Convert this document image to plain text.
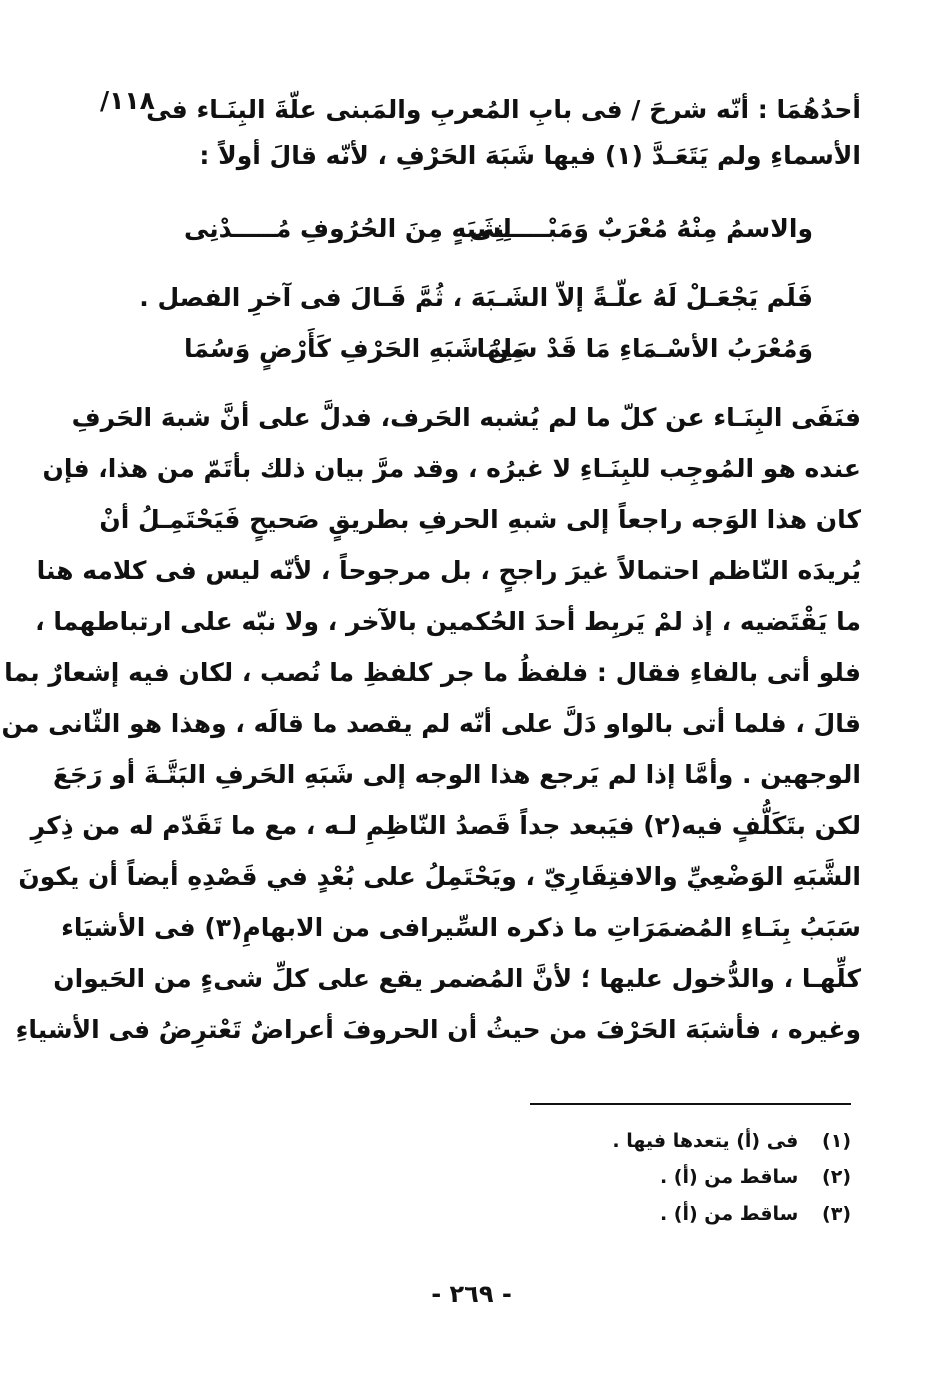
١١٨/
أحدُهُمَا : أنّه شرحَ / فى بابِ المُعربِ والمَبنى علّةَ البِنَـاء فى
الأسماءِ ولم يَتَعَـدَّ (١) فيها شَبَهَ الحَرْفِ ، لأنّه قالَ أولاً :
والاسمُ مِنْهُ مُعْرَبٌ وَمَبْـــــنِى
لِشَبَهٍ مِنَ الحُرُوفِ مُـــــدْنِى
فَلَم يَجْعَـلْ لَهُ علّـةً إلاّ الشَـبَهَ ، ثُمَّ قَـالَ فى آخرِ الفصل .
وَمُعْرَبُ الأسْـمَاءِ مَا قَدْ سَلِمَا
مِنْ شَبَهِ الحَرْفِ كَأَرْضٍ وَسُمَا
فنَفَى البِنَـاء عن كلّ ما لم يُشبه الحَرف، فدلَّ على أنَّ شبهَ الحَرفِ
عنده هو المُوجِب للبِنَـاءِ لا غيرُه ، وقد مرَّ بيان ذلك بأتَمّ من هذا، فإن
كان هذا الوَجه راجعاً إلى شبهِ الحرفِ بطريقٍ صَحيحٍ فَيَحْتَمِـلُ أنْ
يُريدَه النّاظم احتمالاً غيرَ راجحٍ ، بل مرجوحاً ، لأنّه ليس فى كلامه هنا
ما يَقْتَضيه ، إذ لمْ يَربِط أحدَ الحُكمين بالآخر ، ولا نبّه على ارتباطهما ،
فلو أتى بالفاءِ فقال : فلفظُ ما جر كلفظِ ما نُصب ، لكان فيه إشعارٌ بما
قالَ ، فلما أتى بالواو دَلَّ على أنّه لم يقصد ما قالَه ، وهذا هو الثّانى من
الوجهين . وأمَّا إذا لم يَرجع هذا الوجه إلى شَبَهِ الحَرفِ البَتَّـةَ أو رَجَعَ
لكن بتَكَلُّفٍ فيه(٢) فيَبعد جداً قَصدُ النّاظِمِ لـه ، مع ما تَقَدّم له من ذِكرِ
الشَّبَهِ الوَضْعِيِّ والافتِقَارِيّ ، ويَحْتَمِلُ على بُعْدٍ في قَصْدِهِ أيضاً أن يكونَ
سَبَبُ بِنَـاءِ المُضمَرَاتِ ما ذكره السِّيرافى من الابهامِ(٣) فى الأشيَاء
كلِّهـا ، والدُّخول عليها ؛ لأنَّ المُضمر يقع على كلِّ شىءٍ من الحَيوان
وغيره ، فأشبَهَ الحَرْفَ من حيثُ أن الحروفَ أعراضٌ تَعْترِضُ فى الأشياءِ
(١) فى (أ) يتعدها فيها .
(٢) ساقط من (أ) .
(٣) ساقط من (أ) .
- ٢٦٩ -
